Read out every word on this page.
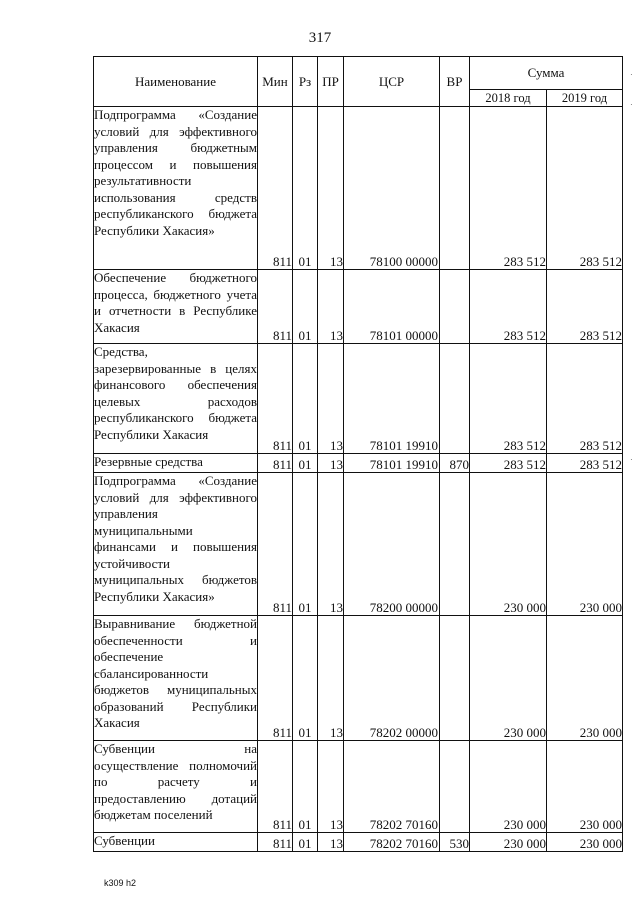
317
Наименование	Мин	Рз	ПР	ЦСР	ВР	Сумма	
						2018 год	2019 год
Подпрограмма «Создание условий для эффективного управления бюджетным процессом и повышения результативности использования средств республиканского бюджета Республики Хакасия»	811	01	13	78100 00000		283 512	283 512
Обеспечение бюджетного процесса, бюджетного учета и отчетности в Республике Хакасия	811	01	13	78101 00000		283 512	283 512
Средства, зарезервированные в целях финансового обеспечения целевых расходов республиканского бюджета Республики Хакасия	811	01	13	78101 19910		283 512	283 512
Резервные средства	811	01	13	78101 19910	870	283 512	283 512
Подпрограмма «Создание условий для эффективного управления муниципальными финансами и повышения устойчивости муниципальных бюджетов Республики Хакасия»	811	01	13	78200 00000		230 000	230 000
Выравнивание бюджетной обеспеченности и обеспечение сбалансированности бюджетов муниципальных образований Республики Хакасия	811	01	13	78202 00000		230 000	230 000
Субвенции на осуществление полномочий по расчету и предоставлению дотаций бюджетам поселений	811	01	13	78202 70160		230 000	230 000
Субвенции	811	01	13	78202 70160	530	230 000	230 000
·
·
·
k309 h2
